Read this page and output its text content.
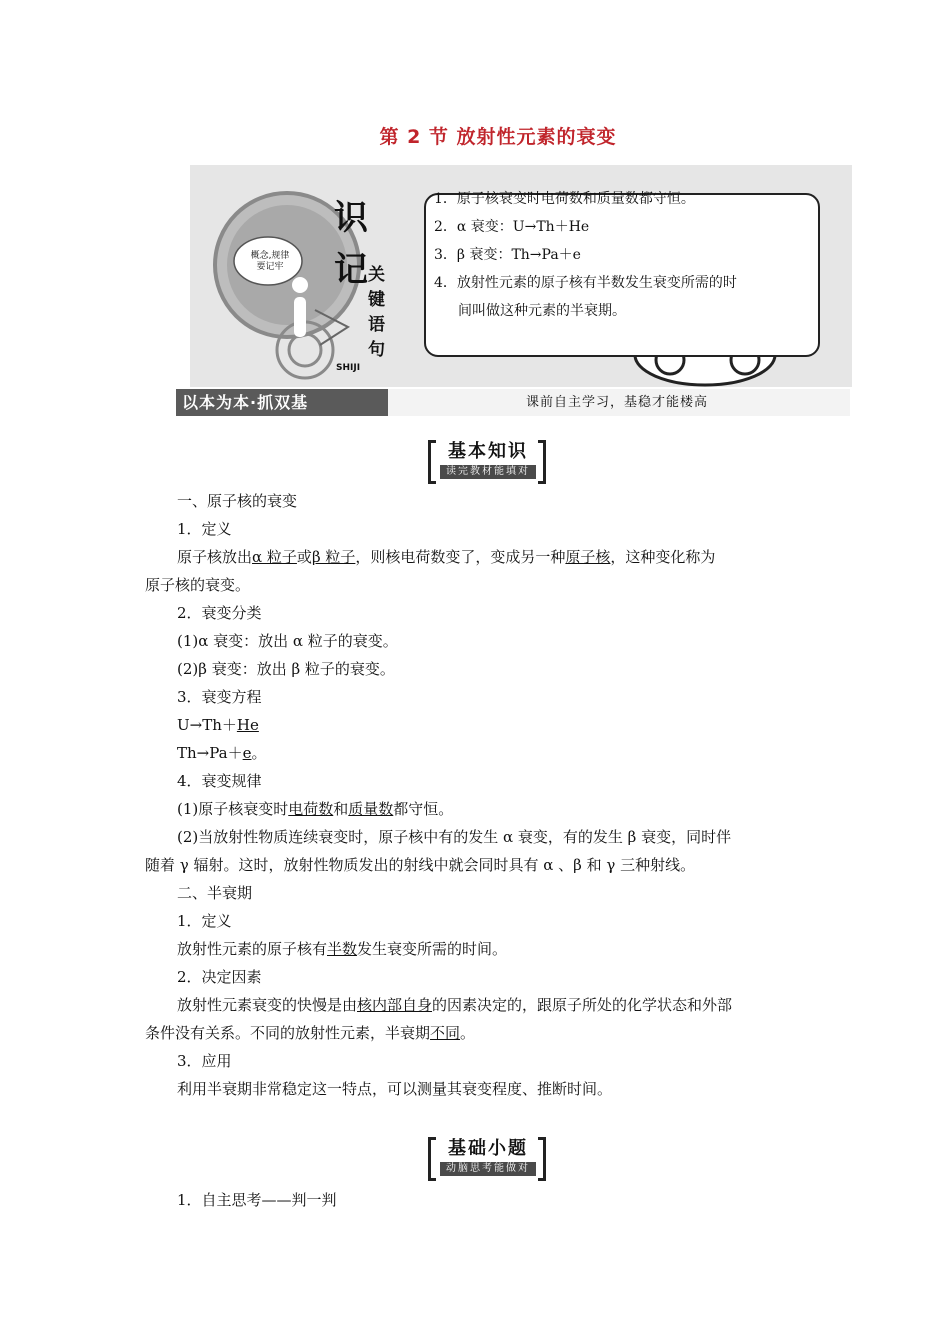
第 2 节 放射性元素的衰变
概念,规律要记牢
识
记 关键语句
SHIJI
1．原子核衰变时电荷数和质量数都守恒。
2．α 衰变：U→Th＋He
3．β 衰变：Th→Pa＋e
4．放射性元素的原子核有半数发生衰变所需的时
间叫做这种元素的半衰期。
以本为本·抓双基	课前自主学习，基稳才能楼高
基本知识
读完教材能填对
一、原子核的衰变
1．定义
原子核放出α 粒子或β 粒子，则核电荷数变了，变成另一种原子核，这种变化称为
原子核的衰变。
2．衰变分类
(1)α 衰变：放出 α 粒子的衰变。
(2)β 衰变：放出 β 粒子的衰变。
3．衰变方程
U→Th＋He
Th→Pa＋e。
4．衰变规律
(1)原子核衰变时电荷数和质量数都守恒。
(2)当放射性物质连续衰变时，原子核中有的发生 α 衰变，有的发生 β 衰变，同时伴
随着 γ 辐射。这时，放射性物质发出的射线中就会同时具有 α 、β 和 γ 三种射线。
二、半衰期
1．定义
放射性元素的原子核有半数发生衰变所需的时间。
2．决定因素
放射性元素衰变的快慢是由核内部自身的因素决定的，跟原子所处的化学状态和外部
条件没有关系。不同的放射性元素，半衰期不同。
3．应用
利用半衰期非常稳定这一特点，可以测量其衰变程度、推断时间。
基础小题
动脑思考能做对
1．自主思考——判一判
